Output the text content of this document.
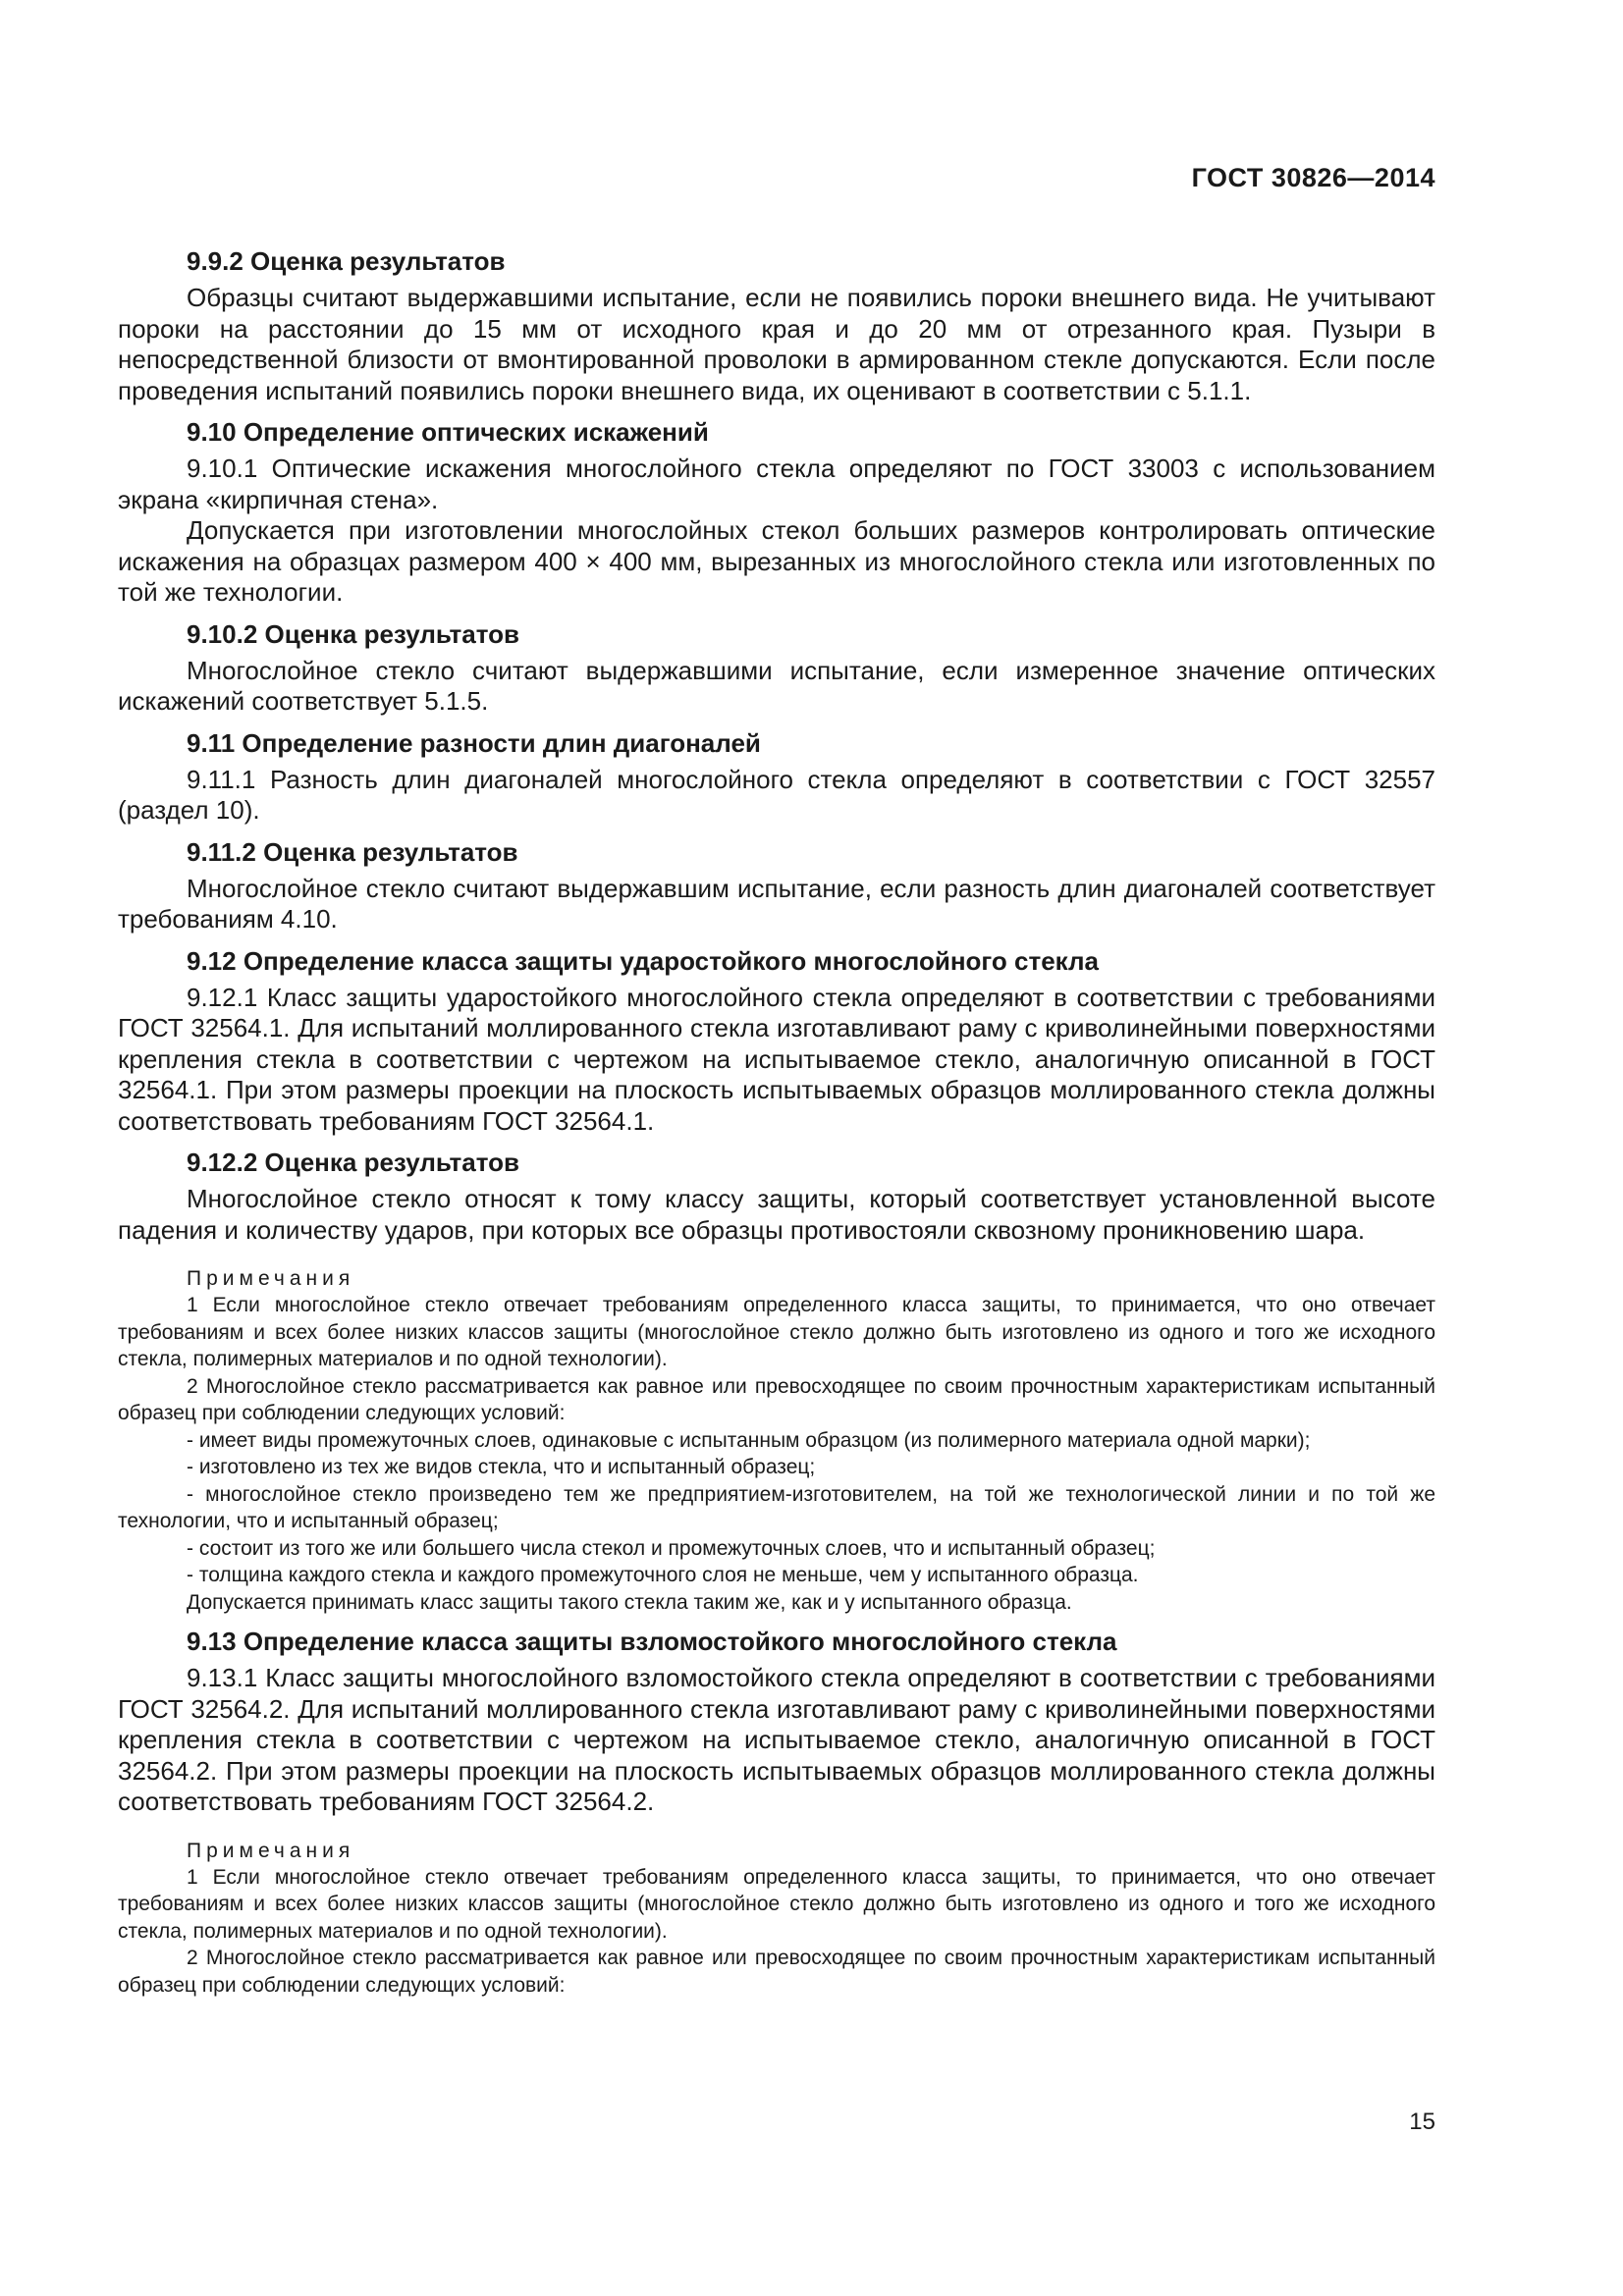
ГОСТ 30826—2014
9.9.2 Оценка результатов

Образцы считают выдержавшими испытание, если не появились пороки внешнего вида. Не учитывают пороки на расстоянии до 15 мм от исходного края и до 20 мм от отрезанного края. Пузыри в непосредственной близости от вмонтированной проволоки в армированном стекле допускаются. Если после проведения испытаний появились пороки внешнего вида, их оценивают в соответствии с 5.1.1.

9.10 Определение оптических искажений

9.10.1 Оптические искажения многослойного стекла определяют по ГОСТ 33003 с использованием экрана «кирпичная стена».

Допускается при изготовлении многослойных стекол больших размеров контролировать оптические искажения на образцах размером 400 × 400 мм, вырезанных из многослойного стекла или изготовленных по той же технологии.

9.10.2 Оценка результатов

Многослойное стекло считают выдержавшими испытание, если измеренное значение оптических искажений соответствует 5.1.5.

9.11 Определение разности длин диагоналей

9.11.1 Разность длин диагоналей многослойного стекла определяют в соответствии с ГОСТ 32557 (раздел 10).

9.11.2 Оценка результатов

Многослойное стекло считают выдержавшим испытание, если разность длин диагоналей соответствует требованиям 4.10.

9.12 Определение класса защиты ударостойкого многослойного стекла

9.12.1 Класс защиты ударостойкого многослойного стекла определяют в соответствии с требованиями ГОСТ 32564.1. Для испытаний моллированного стекла изготавливают раму с криволинейными поверхностями крепления стекла в соответствии с чертежом на испытываемое стекло, аналогичную описанной в ГОСТ 32564.1. При этом размеры проекции на плоскость испытываемых образцов моллированного стекла должны соответствовать требованиям ГОСТ 32564.1.

9.12.2 Оценка результатов

Многослойное стекло относят к тому классу защиты, который соответствует установленной высоте падения и количеству ударов, при которых все образцы противостояли сквозному проникновению шара.

Примечания

1 Если многослойное стекло отвечает требованиям определенного класса защиты, то принимается, что оно отвечает требованиям и всех более низких классов защиты (многослойное стекло должно быть изготовлено из одного и того же исходного стекла, полимерных материалов и по одной технологии).

2 Многослойное стекло рассматривается как равное или превосходящее по своим прочностным характеристикам испытанный образец при соблюдении следующих условий:

- имеет виды промежуточных слоев, одинаковые с испытанным образцом (из полимерного материала одной марки);

- изготовлено из тех же видов стекла, что и испытанный образец;

- многослойное стекло произведено тем же предприятием-изготовителем, на той же технологической линии и по той же технологии, что и испытанный образец;

- состоит из того же или большего числа стекол и промежуточных слоев, что и испытанный образец;

- толщина каждого стекла и каждого промежуточного слоя не меньше, чем у испытанного образца.

Допускается принимать класс защиты такого стекла таким же, как и у испытанного образца.

9.13 Определение класса защиты взломостойкого многослойного стекла

9.13.1 Класс защиты многослойного взломостойкого стекла определяют в соответствии с требованиями ГОСТ 32564.2. Для испытаний моллированного стекла изготавливают раму с криволинейными поверхностями крепления стекла в соответствии с чертежом на испытываемое стекло, аналогичную описанной в ГОСТ 32564.2. При этом размеры проекции на плоскость испытываемых образцов моллированного стекла должны соответствовать требованиям ГОСТ 32564.2.

Примечания

1 Если многослойное стекло отвечает требованиям определенного класса защиты, то принимается, что оно отвечает требованиям и всех более низких классов защиты (многослойное стекло должно быть изготовлено из одного и того же исходного стекла, полимерных материалов и по одной технологии).

2 Многослойное стекло рассматривается как равное или превосходящее по своим прочностным характеристикам испытанный образец при соблюдении следующих условий:

15
